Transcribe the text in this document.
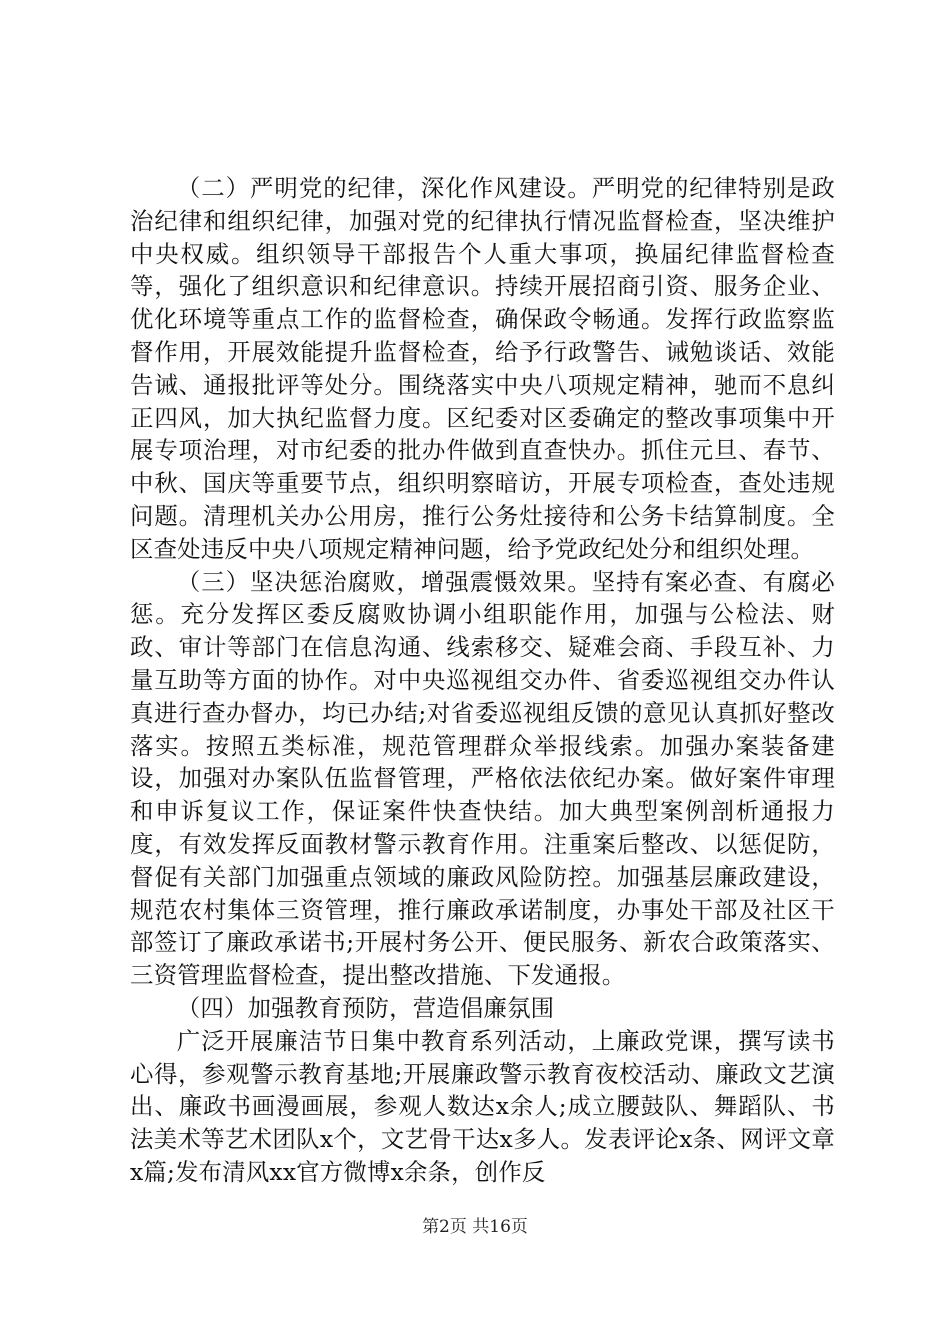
（二）严明党的纪律，深化作风建设。严明党的纪律特别是政治纪律和组织纪律，加强对党的纪律执行情况监督检查，坚决维护中央权威。组织领导干部报告个人重大事项，换届纪律监督检查等，强化了组织意识和纪律意识。持续开展招商引资、服务企业、优化环境等重点工作的监督检查，确保政令畅通。发挥行政监察监督作用，开展效能提升监督检查，给予行政警告、诫勉谈话、效能告诫、通报批评等处分。围绕落实中央八项规定精神，驰而不息纠正四风，加大执纪监督力度。区纪委对区委确定的整改事项集中开展专项治理，对市纪委的批办件做到直查快办。抓住元旦、春节、中秋、国庆等重要节点，组织明察暗访，开展专项检查，查处违规问题。清理机关办公用房，推行公务灶接待和公务卡结算制度。全区查处违反中央八项规定精神问题，给予党政纪处分和组织处理。

（三）坚决惩治腐败，增强震慑效果。坚持有案必查、有腐必惩。充分发挥区委反腐败协调小组职能作用，加强与公检法、财政、审计等部门在信息沟通、线索移交、疑难会商、手段互补、力量互助等方面的协作。对中央巡视组交办件、省委巡视组交办件认真进行查办督办，均已办结;对省委巡视组反馈的意见认真抓好整改落实。按照五类标准，规范管理群众举报线索。加强办案装备建设，加强对办案队伍监督管理，严格依法依纪办案。做好案件审理和申诉复议工作，保证案件快查快结。加大典型案例剖析通报力度，有效发挥反面教材警示教育作用。注重案后整改、以惩促防，督促有关部门加强重点领域的廉政风险防控。加强基层廉政建设，规范农村集体三资管理，推行廉政承诺制度，办事处干部及社区干部签订了廉政承诺书;开展村务公开、便民服务、新农合政策落实、三资管理监督检查，提出整改措施、下发通报。

（四）加强教育预防，营造倡廉氛围

广泛开展廉洁节日集中教育系列活动，上廉政党课，撰写读书心得，参观警示教育基地;开展廉政警示教育夜校活动、廉政文艺演出、廉政书画漫画展，参观人数达x余人;成立腰鼓队、舞蹈队、书法美术等艺术团队x个，文艺骨干达x多人。发表评论x条、网评文章x篇;发布清风xx官方微博x余条，创作反

第2页 共16页
